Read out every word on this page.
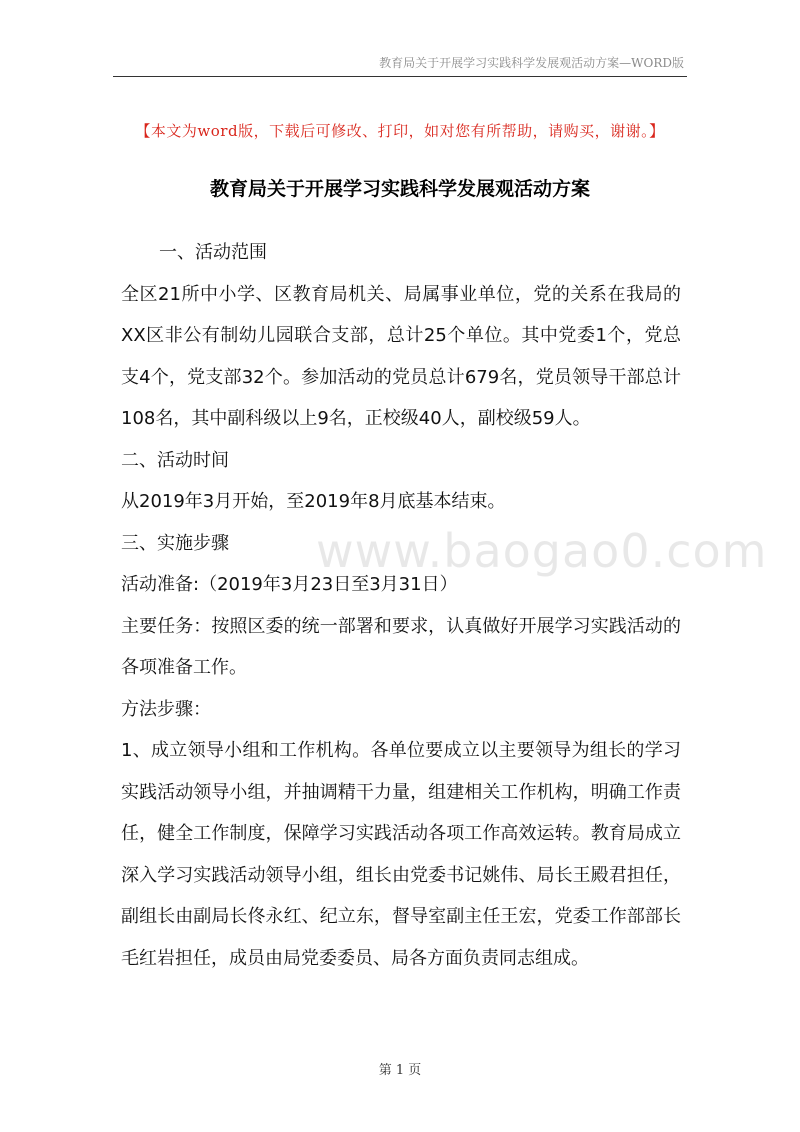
教育局关于开展学习实践科学发展观活动方案—WORD版
【本文为word版，下载后可修改、打印，如对您有所帮助，请购买，谢谢。】
教育局关于开展学习实践科学发展观活动方案

一、活动范围

全区21所中小学、区教育局机关、局属事业单位，党的关系在我局的XX区非公有制幼儿园联合支部，总计25个单位。其中党委1个，党总支4个，党支部32个。参加活动的党员总计679名，党员领导干部总计108名，其中副科级以上9名，正校级40人，副校级59人。

二、活动时间

从2019年3月开始，至2019年8月底基本结束。

三、实施步骤

活动准备:（2019年3月23日至3月31日）

主要任务：按照区委的统一部署和要求，认真做好开展学习实践活动的各项准备工作。

方法步骤：

1、成立领导小组和工作机构。各单位要成立以主要领导为组长的学习实践活动领导小组，并抽调精干力量，组建相关工作机构，明确工作责任，健全工作制度，保障学习实践活动各项工作高效运转。教育局成立深入学习实践活动领导小组，组长由党委书记姚伟、局长王殿君担任，副组长由副局长佟永红、纪立东，督导室副主任王宏，党委工作部部长毛红岩担任，成员由局党委委员、局各方面负责同志组成。

www.baogao0.com
第 1 页
